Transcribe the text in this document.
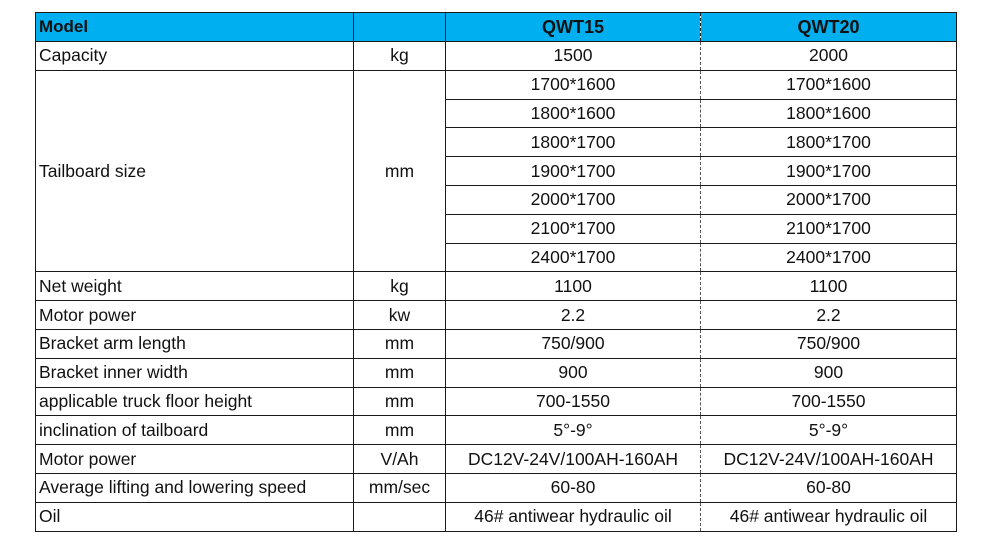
Model		QWT15	QWT20
Capacity	kg	1500	2000
Tailboard size	mm	1700*1600	1700*1600
		1800*1600	1800*1600
		1800*1700	1800*1700
		1900*1700	1900*1700
		2000*1700	2000*1700
		2100*1700	2100*1700
		2400*1700	2400*1700
Net weight	kg	1100	1100
Motor power	kw	2.2	2.2
Bracket arm length	mm	750/900	750/900
Bracket inner width	mm	900	900
applicable truck floor height	mm	700-1550	700-1550
inclination of tailboard	mm	5°-9°	5°-9°
Motor power	V/Ah	DC12V-24V/100AH-160AH	DC12V-24V/100AH-160AH
Average lifting and lowering speed	mm/sec	60-80	60-80
Oil		46# antiwear hydraulic oil	46# antiwear hydraulic oil
